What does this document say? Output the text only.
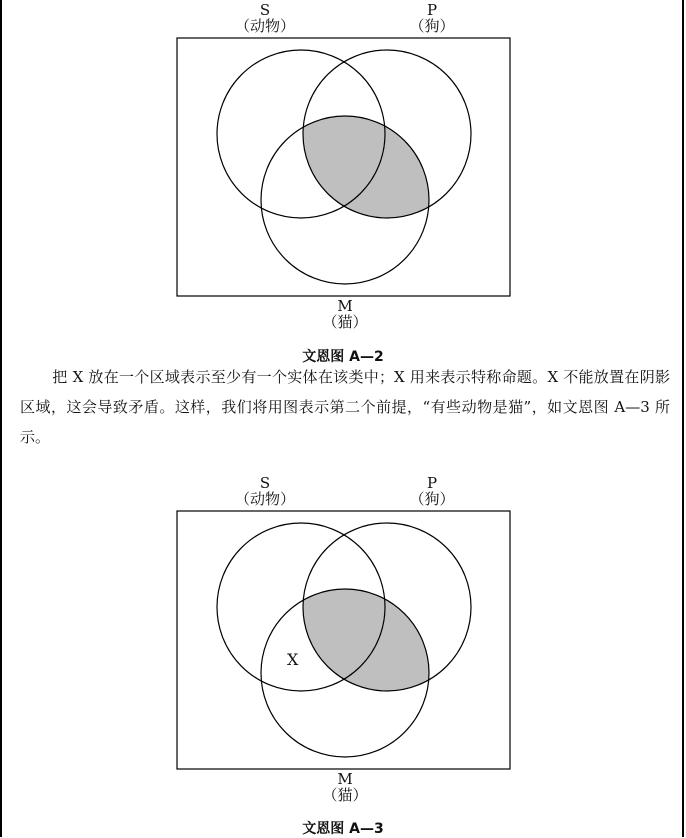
S
（动物）
P
（狗）
M
（猫）
文恩图 A—2
把 X 放在一个区域表示至少有一个实体在该类中；X 用来表示特称命题。X 不能放置在阴影区域，这会导致矛盾。这样，我们将用图表示第二个前提，“有些动物是猫”，如文恩图 A—3 所示。
S
（动物）
P
（狗）
X
M
（猫）
文恩图 A—3
